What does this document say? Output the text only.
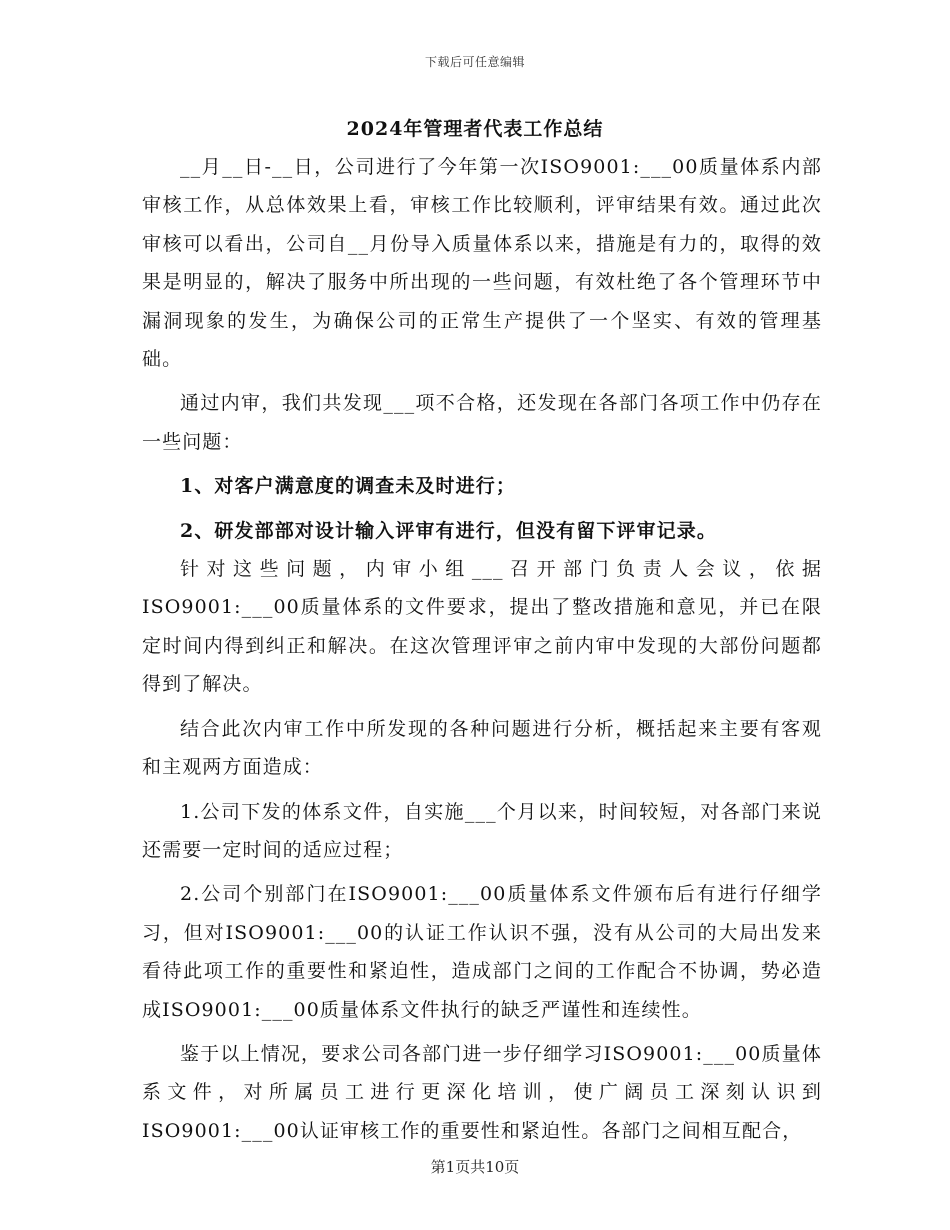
下载后可任意编辑
2024年管理者代表工作总结

__月__日-__日，公司进行了今年第一次ISO9001:___00质量体系内部审核工作，从总体效果上看，审核工作比较顺利，评审结果有效。通过此次审核可以看出，公司自__月份导入质量体系以来，措施是有力的，取得的效果是明显的，解决了服务中所出现的一些问题，有效杜绝了各个管理环节中漏洞现象的发生，为确保公司的正常生产提供了一个坚实、有效的管理基础。

通过内审，我们共发现___项不合格，还发现在各部门各项工作中仍存在一些问题：

1、对客户满意度的调查未及时进行；

2、研发部部对设计输入评审有进行，但没有留下评审记录。

针对这些问题，内审小组___召开部门负责人会议，依据ISO9001:___00质量体系的文件要求，提出了整改措施和意见，并已在限定时间内得到纠正和解决。在这次管理评审之前内审中发现的大部份问题都得到了解决。

结合此次内审工作中所发现的各种问题进行分析，概括起来主要有客观和主观两方面造成：

1.公司下发的体系文件，自实施___个月以来，时间较短，对各部门来说还需要一定时间的适应过程；

2.公司个别部门在ISO9001:___00质量体系文件颁布后有进行仔细学习，但对ISO9001:___00的认证工作认识不强，没有从公司的大局出发来看待此项工作的重要性和紧迫性，造成部门之间的工作配合不协调，势必造成ISO9001:___00质量体系文件执行的缺乏严谨性和连续性。

鉴于以上情况，要求公司各部门进一步仔细学习ISO9001:___00质量体系文件，对所属员工进行更深化培训，使广阔员工深刻认识到ISO9001:___00认证审核工作的重要性和紧迫性。各部门之间相互配合，

第1页共10页
